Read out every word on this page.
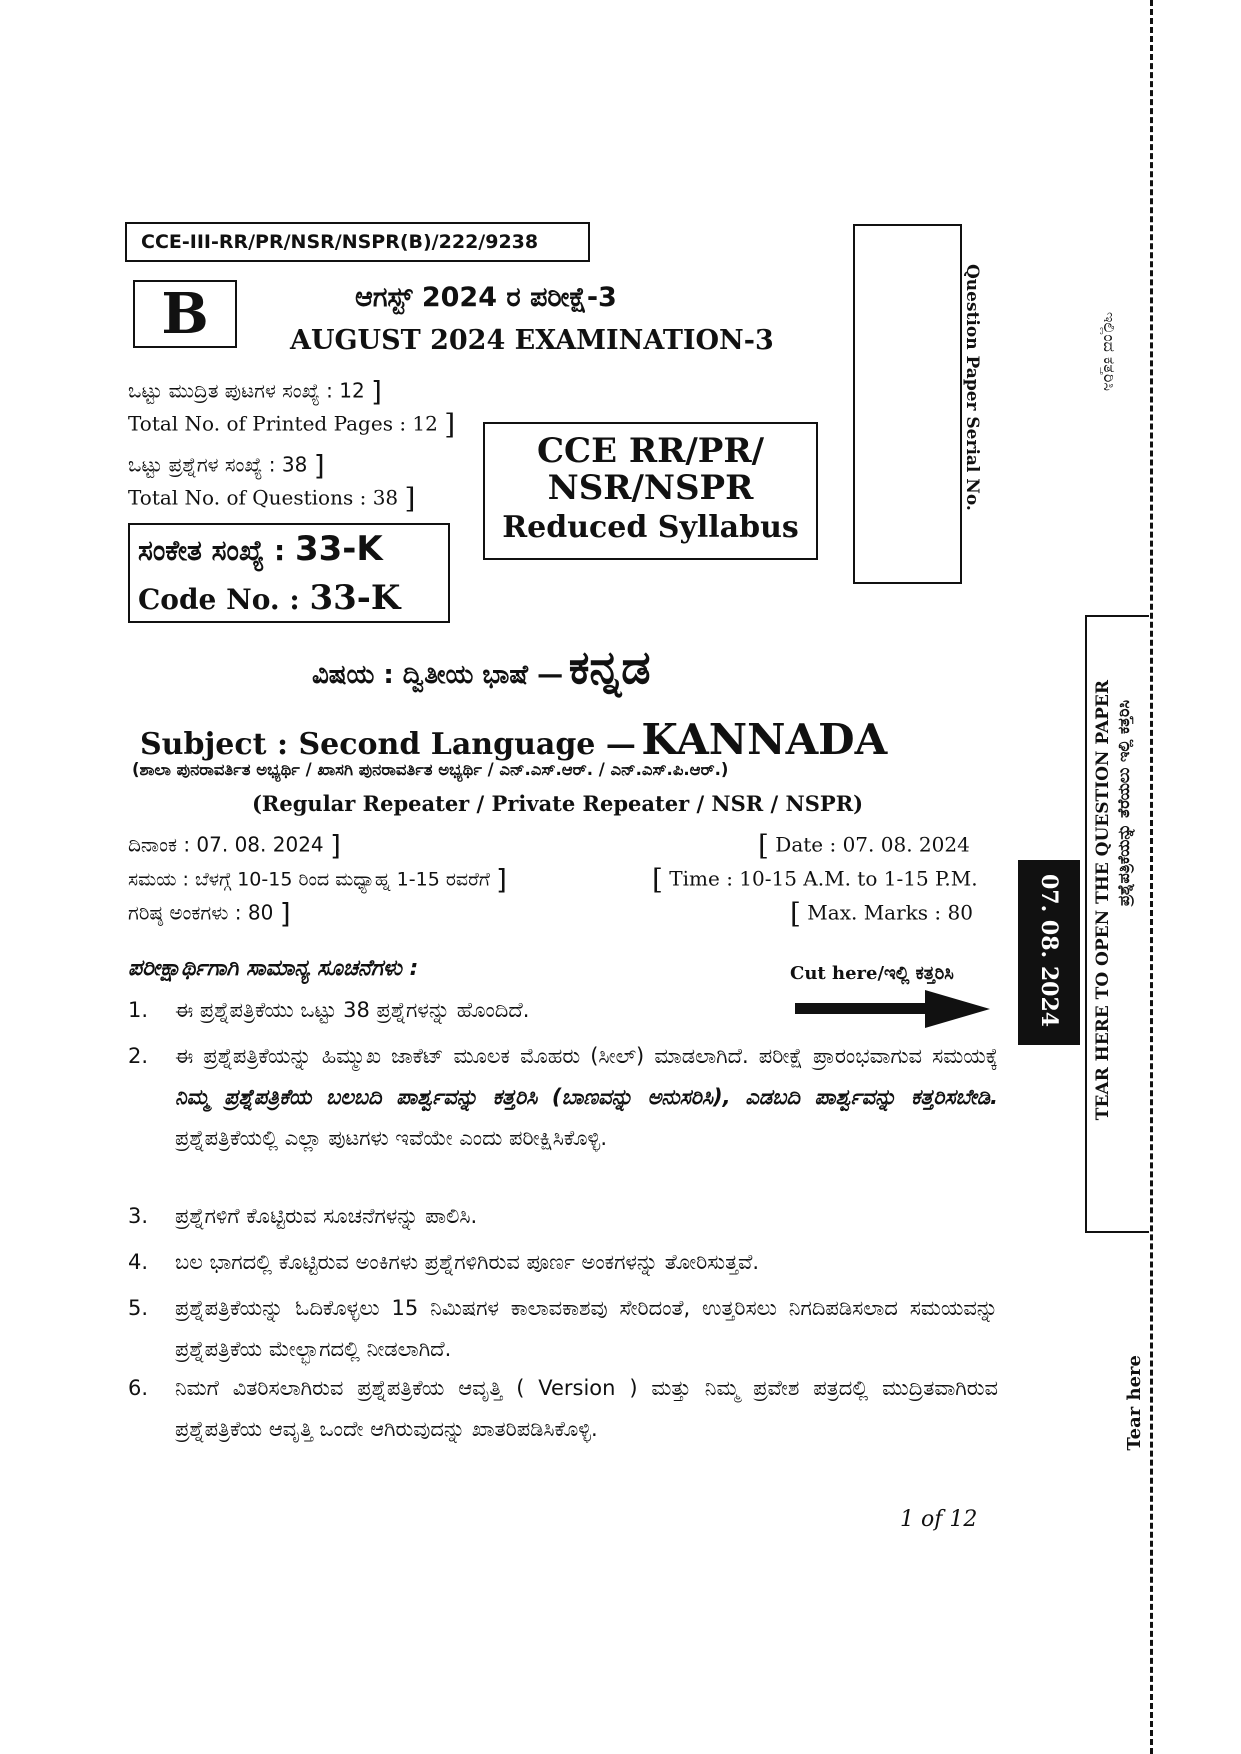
CCE-III-RR/PR/NSR/NSPR(B)/222/9238
B	ಆಗಸ್ಟ್ 2024 ರ ಪರೀಕ್ಷೆ-3
AUGUST 2024 EXAMINATION-3
ಒಟ್ಟು ಮುದ್ರಿತ ಪುಟಗಳ ಸಂಖ್ಯೆ : 12 ]
Total No. of Printed Pages : 12 ]
ಒಟ್ಟು ಪ್ರಶ್ನೆಗಳ ಸಂಖ್ಯೆ : 38 ]
Total No. of Questions : 38 ]
ಸಂಕೇತ ಸಂಖ್ಯೆ : 33-K
Code No. : 33-K
CCE RR/PR/
NSR/NSPR
Reduced Syllabus
Question Paper Serial No.
ವಿಷಯ : ದ್ವಿತೀಯ ಭಾಷೆ — ಕನ್ನಡ
Subject : Second Language — KANNADA
(ಶಾಲಾ ಪುನರಾವರ್ತಿತ ಅಭ್ಯರ್ಥಿ / ಖಾಸಗಿ ಪುನರಾವರ್ತಿತ ಅಭ್ಯರ್ಥಿ / ಎನ್.ಎಸ್.ಆರ್. / ಎನ್.ಎಸ್.ಪಿ.ಆರ್.)
(Regular Repeater / Private Repeater / NSR / NSPR)
ದಿನಾಂಕ : 07. 08. 2024 ]	[ Date : 07. 08. 2024
ಸಮಯ : ಬೆಳಗ್ಗೆ 10-15 ರಿಂದ ಮಧ್ಯಾಹ್ನ 1-15 ರವರೆಗೆ ]	[ Time : 10-15 A.M. to 1-15 P.M.
ಗರಿಷ್ಠ ಅಂಕಗಳು : 80 ]	[ Max. Marks : 80
ಪರೀಕ್ಷಾರ್ಥಿಗಾಗಿ ಸಾಮಾನ್ಯ ಸೂಚನೆಗಳು :	Cut here/ಇಲ್ಲಿ ಕತ್ತರಿಸಿ
1.	ಈ ಪ್ರಶ್ನೆಪತ್ರಿಕೆಯು ಒಟ್ಟು 38 ಪ್ರಶ್ನೆಗಳನ್ನು ಹೊಂದಿದೆ.
2.	ಈ ಪ್ರಶ್ನೆಪತ್ರಿಕೆಯನ್ನು ಹಿಮ್ಮುಖ ಜಾಕೆಟ್ ಮೂಲಕ ಮೊಹರು (ಸೀಲ್) ಮಾಡಲಾಗಿದೆ. ಪರೀಕ್ಷೆ ಪ್ರಾರಂಭವಾಗುವ ಸಮಯಕ್ಕೆ ನಿಮ್ಮ ಪ್ರಶ್ನೆಪತ್ರಿಕೆಯ ಬಲಬದಿ ಪಾರ್ಶ್ವವನ್ನು ಕತ್ತರಿಸಿ (ಬಾಣವನ್ನು ಅನುಸರಿಸಿ), ಎಡಬದಿ ಪಾರ್ಶ್ವವನ್ನು ಕತ್ತರಿಸಬೇಡಿ. ಪ್ರಶ್ನೆಪತ್ರಿಕೆಯಲ್ಲಿ ಎಲ್ಲಾ ಪುಟಗಳು ಇವೆಯೇ ಎಂದು ಪರೀಕ್ಷಿಸಿಕೊಳ್ಳಿ.
3.	ಪ್ರಶ್ನೆಗಳಿಗೆ ಕೊಟ್ಟಿರುವ ಸೂಚನೆಗಳನ್ನು ಪಾಲಿಸಿ.
4.	ಬಲ ಭಾಗದಲ್ಲಿ ಕೊಟ್ಟಿರುವ ಅಂಕಿಗಳು ಪ್ರಶ್ನೆಗಳಿಗಿರುವ ಪೂರ್ಣ ಅಂಕಗಳನ್ನು ತೋರಿಸುತ್ತವೆ.
5.	ಪ್ರಶ್ನೆಪತ್ರಿಕೆಯನ್ನು ಓದಿಕೊಳ್ಳಲು 15 ನಿಮಿಷಗಳ ಕಾಲಾವಕಾಶವು ಸೇರಿದಂತೆ, ಉತ್ತರಿಸಲು ನಿಗದಿಪಡಿಸಲಾದ ಸಮಯವನ್ನು ಪ್ರಶ್ನೆಪತ್ರಿಕೆಯ ಮೇಲ್ಭಾಗದಲ್ಲಿ ನೀಡಲಾಗಿದೆ.
6.	ನಿಮಗೆ ವಿತರಿಸಲಾಗಿರುವ ಪ್ರಶ್ನೆಪತ್ರಿಕೆಯ ಆವೃತ್ತಿ ( Version ) ಮತ್ತು ನಿಮ್ಮ ಪ್ರವೇಶ ಪತ್ರದಲ್ಲಿ ಮುದ್ರಿತವಾಗಿರುವ ಪ್ರಶ್ನೆಪತ್ರಿಕೆಯ ಆವೃತ್ತಿ ಒಂದೇ ಆಗಿರುವುದನ್ನು ಖಾತರಿಪಡಿಸಿಕೊಳ್ಳಿ.
1 of 12
ಇಲ್ಲಿಂದ ಕತ್ತರಿಸಿ
07. 08. 2024 TEAR HERE TO OPEN THE QUESTION PAPER ಪ್ರಶ್ನೆಪತ್ರಿಕೆಯನ್ನು ತೆರೆಯಲು ಇಲ್ಲಿ ಕತ್ತರಿಸಿ
Tear here
